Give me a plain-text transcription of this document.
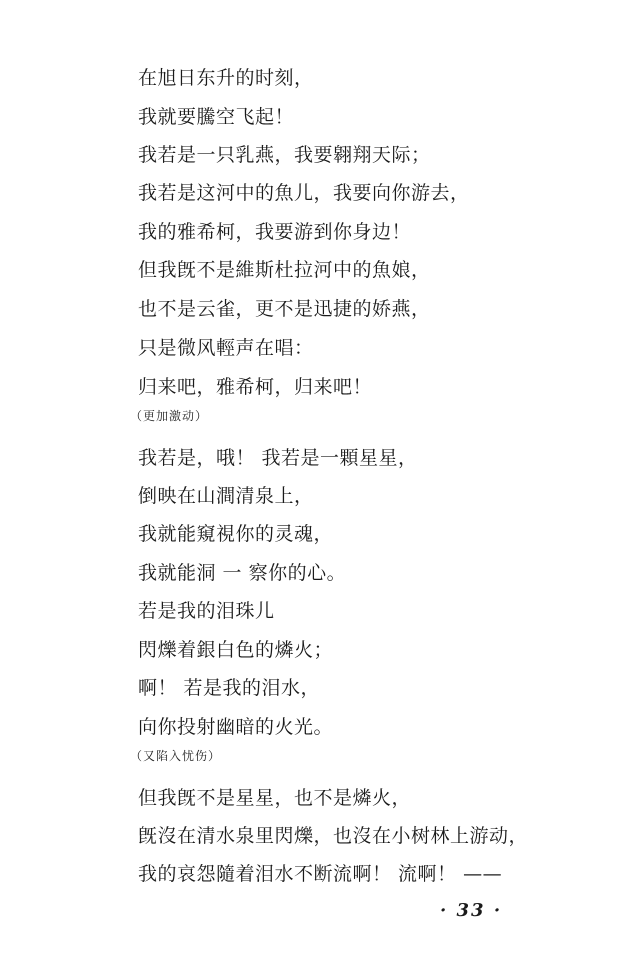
在旭日东升的时刻，
我就要騰空飞起！
我若是一只乳燕，我要翱翔天际；
我若是这河中的魚儿，我要向你游去，
我的雅希柯，我要游到你身边！
但我旣不是維斯杜拉河中的魚娘，
也不是云雀，更不是迅捷的娇燕，
只是微风輕声在唱：
归来吧，雅希柯，归来吧！
（更加激动）
我若是，哦！ 我若是一顆星星，
倒映在山澗清泉上，
我就能窺視你的灵魂，
我就能洞 一 察你的心。
若是我的泪珠儿
閃爍着銀白色的燐火；
啊！ 若是我的泪水，
向你投射幽暗的火光。
（又陷入忧伤）
但我旣不是星星，也不是燐火，
旣沒在清水泉里閃爍，也沒在小树林上游动，
我的哀怨隨着泪水不断流啊！ 流啊！ ——
· 33 ·
